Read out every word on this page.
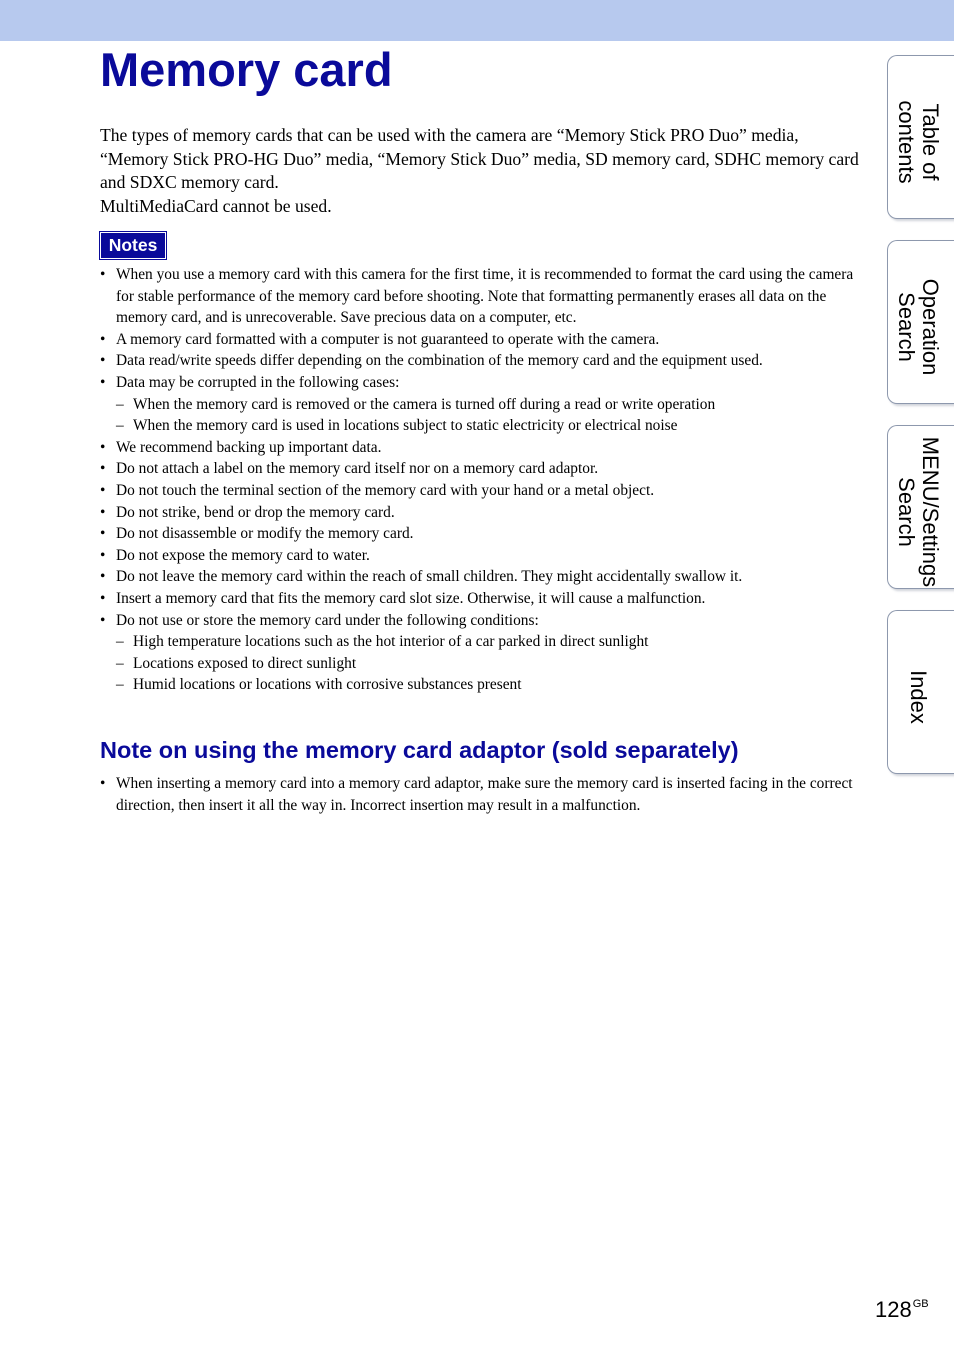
Memory card

The types of memory cards that can be used with the camera are “Memory Stick PRO Duo” media, “Memory Stick PRO-HG Duo” media, “Memory Stick Duo” media, SD memory card, SDHC memory card and SDXC memory card.

MultiMediaCard cannot be used.

Notes
• When you use a memory card with this camera for the first time, it is recommended to format the card using the camera for stable performance of the memory card before shooting. Note that formatting permanently erases all data on the memory card, and is unrecoverable. Save precious data on a computer, etc.
• A memory card formatted with a computer is not guaranteed to operate with the camera.
• Data read/write speeds differ depending on the combination of the memory card and the equipment used.
• Data may be corrupted in the following cases:
– When the memory card is removed or the camera is turned off during a read or write operation
– When the memory card is used in locations subject to static electricity or electrical noise
• We recommend backing up important data.
• Do not attach a label on the memory card itself nor on a memory card adaptor.
• Do not touch the terminal section of the memory card with your hand or a metal object.
• Do not strike, bend or drop the memory card.
• Do not disassemble or modify the memory card.
• Do not expose the memory card to water.
• Do not leave the memory card within the reach of small children. They might accidentally swallow it.
• Insert a memory card that fits the memory card slot size. Otherwise, it will cause a malfunction.
• Do not use or store the memory card under the following conditions:
– High temperature locations such as the hot interior of a car parked in direct sunlight
– Locations exposed to direct sunlight
– Humid locations or locations with corrosive substances present
Note on using the memory card adaptor (sold separately)
• When inserting a memory card into a memory card adaptor, make sure the memory card is inserted facing in the correct direction, then insert it all the way in. Incorrect insertion may result in a malfunction.
Table of
contents
Operation
Search
MENU/Settings
Search
Index
$128^{GB}$
